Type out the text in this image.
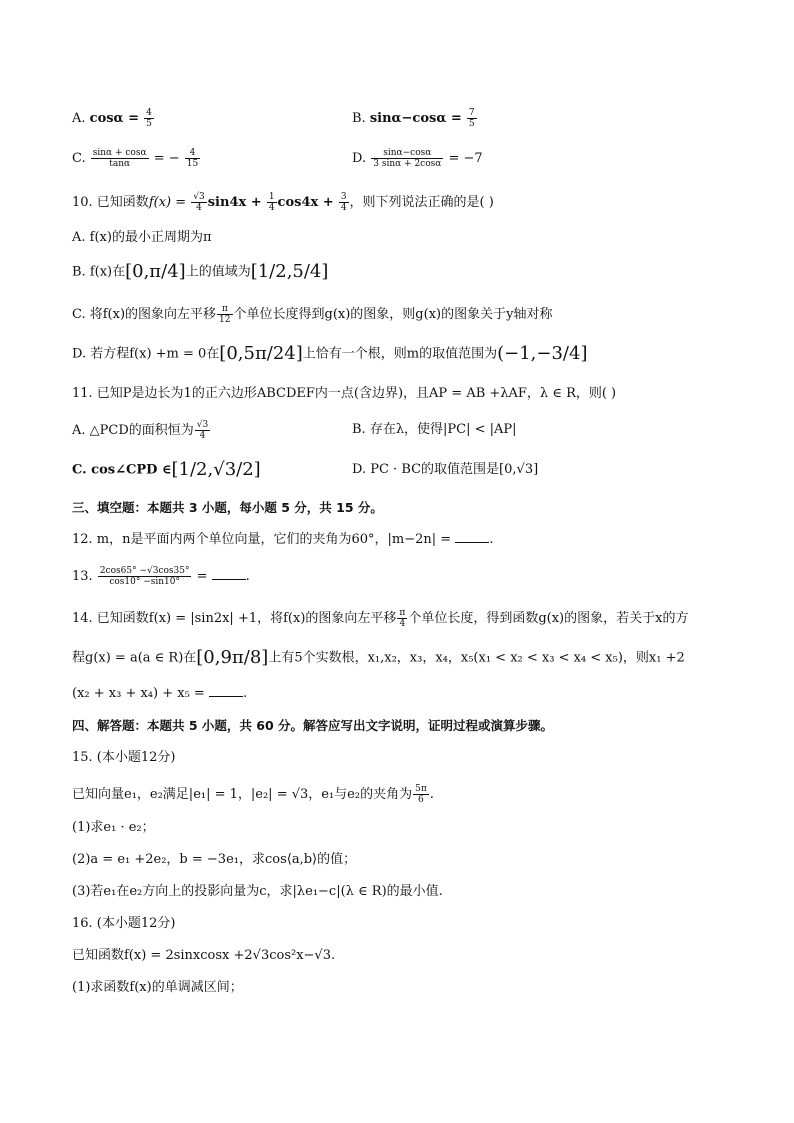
A. $\cos\alpha = \frac{4}{5}$	B. $\sin\alpha-\cos\alpha = \frac{7}{5}$
C. $\frac{\sin\alpha + \cos\alpha}{\tan\alpha}$ = − $\frac{4}{15}$	D. $\frac{\sin\alpha-\cos\alpha}{3 \sin\alpha + 2\cos\alpha} = -7$
10. 已知函数$f(x) = \frac{√3}{4} \sin 4x + \frac{1}{4} \cos 4x + \frac{3}{4}$ ，则下列说法正确的是( )
A. f(x)的最小正周期为π
B. f(x)在[0,π/4]上的值域为[1/2,5/4]
C. 将f(x)的图象向左平移 $\frac{\pi}{12}$ 个单位长度得到g(x)的图象，则g(x)的图象关于y轴对称
D. 若方程f(x) +m = 0在[0,5π/24]上恰有一个根，则m的取值范围为(−1,−3/4]
11. 已知P是边长为1的正六边形ABCDEF内一点(含边界)，且AP = AB +λAF，λ ∈ R，则( )
A. △PCD的面积恒为 $\frac{√3}{4}$	B. 存在λ，使得|PC| < |AP|
C. cos∠CPD ∈[1/2,√3/2]	D. PC · BC的取值范围是[0,√3]
三、填空题：本题共 3 小题，每小题 5 分，共 15 分。
12. m，n是平面内两个单位向量，它们的夹角为60°，|m−2n| =	.
13. $\frac{2\cos 65^\circ -√3\cos 35^\circ}{\cos 10^\circ -\sin 10^\circ}$ =	.
14. 已知函数f(x) = |sin2x| +1，将f(x)的图象向左平移 $\frac{\pi}{4}$ 个单位长度，得到函数g(x)的图象，若关于x的方
程g(x) = a(a ∈ R)在[0,9π/8]上有5个实数根，x₁,x₂，x₃，x₄，x₅(x₁ < x₂ < x₃ < x₄ < x₅)，则x₁ +2
(x₂ + x₃ + x₄) + x₅ =	.
四、解答题：本题共 5 小题，共 60 分。解答应写出文字说明，证明过程或演算步骤。
15. (本小题12分)
已知向量e₁，e₂满足|e₁| = 1，|e₂| = √3，e₁与e₂的夹角为 $\frac{5\pi}{6}$ .
(1)求e₁ · e₂；
(2)a = e₁ +2e₂，b = −3e₁，求cos⟨a,b⟩的值；
(3)若e₁在e₂方向上的投影向量为c，求|λe₁−c|(λ ∈ R)的最小值.
16. (本小题12分)
已知函数f(x) = 2sinxcosx +2√3cos²x−√3.
(1)求函数f(x)的单调减区间；
